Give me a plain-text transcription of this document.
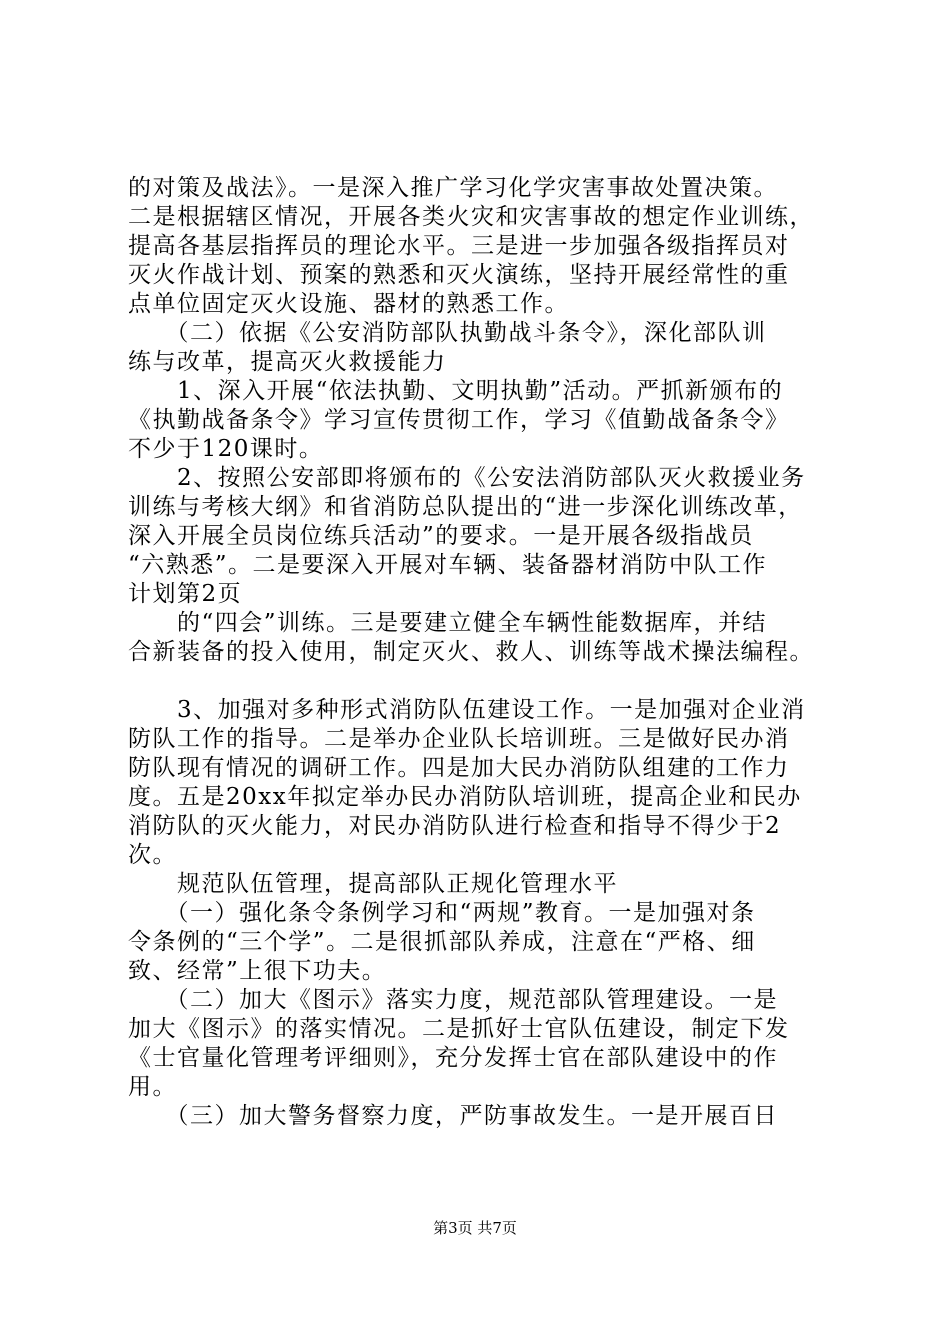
的对策及战法》。一是深入推广学习化学灾害事故处置决策。
二是根据辖区情况，开展各类火灾和灾害事故的想定作业训练，
提高各基层指挥员的理论水平。三是进一步加强各级指挥员对
灭火作战计划、预案的熟悉和灭火演练，坚持开展经常性的重
点单位固定灭火设施、器材的熟悉工作。
　　（二）依据《公安消防部队执勤战斗条令》，深化部队训
练与改革，提高灭火救援能力
　　1、深入开展“依法执勤、文明执勤”活动。严抓新颁布的
《执勤战备条令》学习宣传贯彻工作，学习《值勤战备条令》
不少于120课时。
　　2、按照公安部即将颁布的《公安法消防部队灭火救援业务
训练与考核大纲》和省消防总队提出的“进一步深化训练改革，
深入开展全员岗位练兵活动”的要求。一是开展各级指战员
“六熟悉”。二是要深入开展对车辆、装备器材消防中队工作
计划第2页
　　的“四会”训练。三是要建立健全车辆性能数据库，并结
合新装备的投入使用，制定灭火、救人、训练等战术操法编程。
　　3、加强对多种形式消防队伍建设工作。一是加强对企业消
防队工作的指导。二是举办企业队长培训班。三是做好民办消
防队现有情况的调研工作。四是加大民办消防队组建的工作力
度。五是20xx年拟定举办民办消防队培训班，提高企业和民办
消防队的灭火能力，对民办消防队进行检查和指导不得少于2
次。
　　规范队伍管理，提高部队正规化管理水平
　　（一）强化条令条例学习和“两规”教育。一是加强对条
令条例的“三个学”。二是很抓部队养成，注意在“严格、细
致、经常”上很下功夫。
　　（二）加大《图示》落实力度，规范部队管理建设。一是
加大《图示》的落实情况。二是抓好士官队伍建设，制定下发
《士官量化管理考评细则》，充分发挥士官在部队建设中的作
用。
　　（三）加大警务督察力度，严防事故发生。一是开展百日
第3页 共7页
